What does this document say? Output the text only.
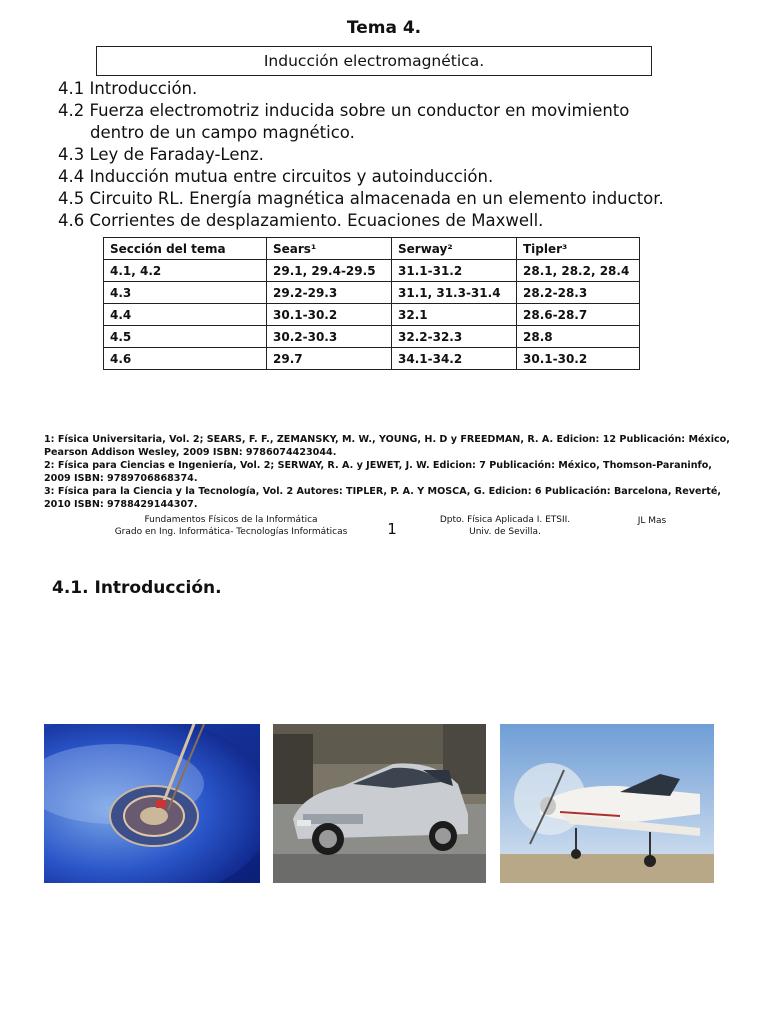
Tema 4.
Inducción electromagnética.
4.1 Introducción.
4.2 Fuerza electromotriz inducida sobre un conductor en movimiento
dentro de un campo magnético.
4.3 Ley de Faraday-Lenz.
4.4 Inducción mutua entre circuitos y autoinducción.
4.5 Circuito RL. Energía magnética almacenada en un elemento inductor.
4.6 Corrientes de desplazamiento. Ecuaciones de Maxwell.
Sección del tema	Sears¹	Serway²	Tipler³
4.1, 4.2	29.1, 29.4-29.5	31.1-31.2	28.1, 28.2, 28.4
4.3	29.2-29.3	31.1, 31.3-31.4	28.2-28.3
4.4	30.1-30.2	32.1	28.6-28.7
4.5	30.2-30.3	32.2-32.3	28.8
4.6	29.7	34.1-34.2	30.1-30.2

1: Física Universitaria, Vol. 2; SEARS, F. F., ZEMANSKY, M. W., YOUNG, H. D y FREEDMAN, R. A. Edicion: 12 Publicación: México, Pearson Addison Wesley, 2009 ISBN: 9786074423044.

2: Física para Ciencias e Ingeniería, Vol. 2; SERWAY, R. A. y JEWET, J. W. Edicion: 7 Publicación: México, Thomson-Paraninfo, 2009 ISBN: 9789706868374.

3: Física para la Ciencia y la Tecnología, Vol. 2 Autores: TIPLER, P. A. Y MOSCA, G. Edicion: 6 Publicación: Barcelona, Reverté, 2010 ISBN: 9788429144307.

Fundamentos Físicos de la Informática
Grado en Ing. Informática- Tecnologías Informáticas	1	Dpto. Física Aplicada I. ETSII.
Univ. de Sevilla.
JL Mas
4.1. Introducción.
